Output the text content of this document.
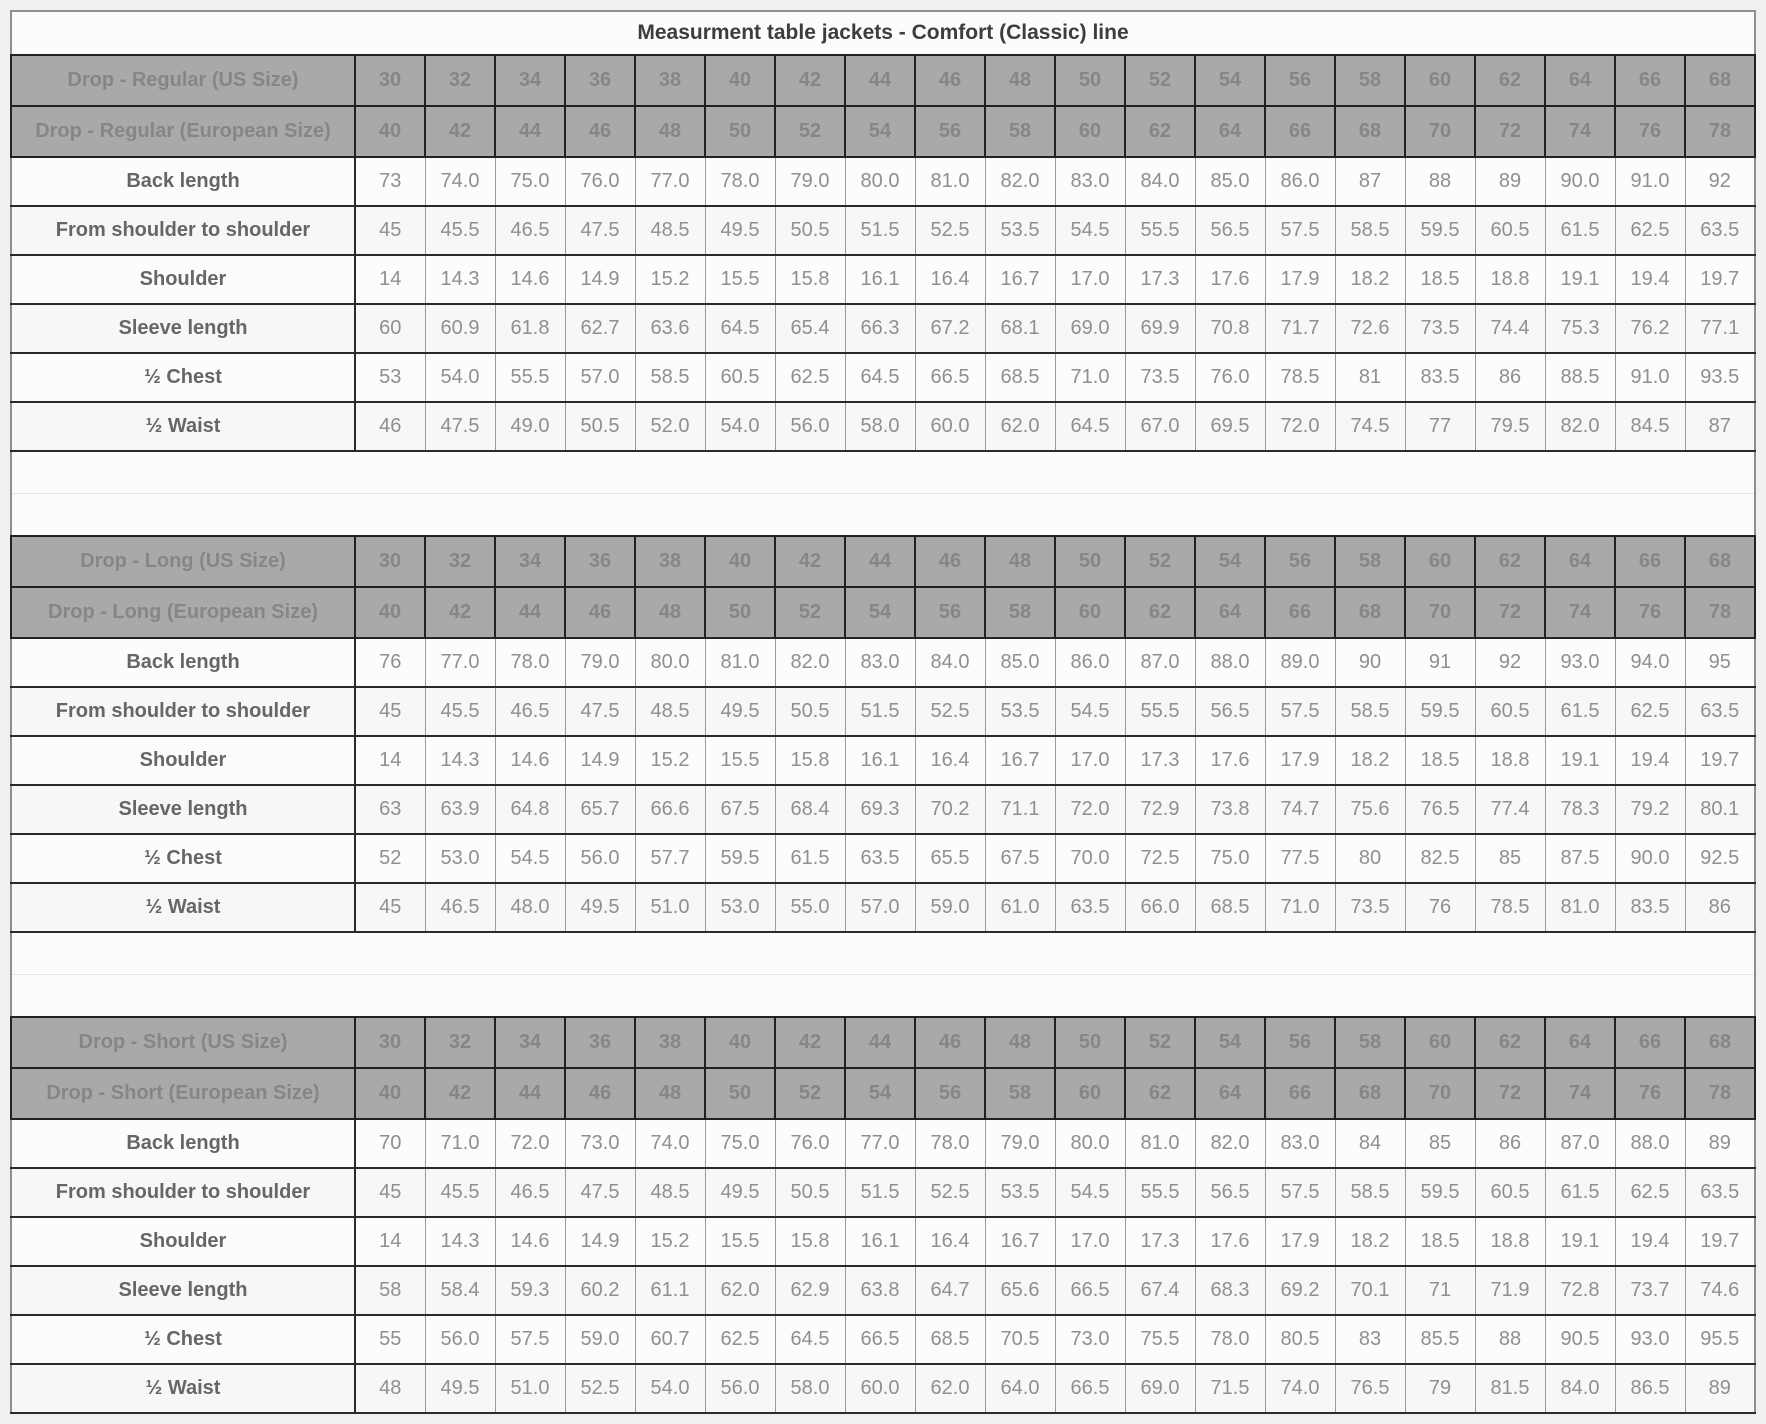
Measurment table jackets - Comfort (Classic) line																				
Drop - Regular (US Size)	30	32	34	36	38	40	42	44	46	48	50	52	54	56	58	60	62	64	66	68
Drop - Regular (European Size)	40	42	44	46	48	50	52	54	56	58	60	62	64	66	68	70	72	74	76	78
Back length	73	74.0	75.0	76.0	77.0	78.0	79.0	80.0	81.0	82.0	83.0	84.0	85.0	86.0	87	88	89	90.0	91.0	92
From shoulder to shoulder	45	45.5	46.5	47.5	48.5	49.5	50.5	51.5	52.5	53.5	54.5	55.5	56.5	57.5	58.5	59.5	60.5	61.5	62.5	63.5
Shoulder	14	14.3	14.6	14.9	15.2	15.5	15.8	16.1	16.4	16.7	17.0	17.3	17.6	17.9	18.2	18.5	18.8	19.1	19.4	19.7
Sleeve length	60	60.9	61.8	62.7	63.6	64.5	65.4	66.3	67.2	68.1	69.0	69.9	70.8	71.7	72.6	73.5	74.4	75.3	76.2	77.1
½ Chest	53	54.0	55.5	57.0	58.5	60.5	62.5	64.5	66.5	68.5	71.0	73.5	76.0	78.5	81	83.5	86	88.5	91.0	93.5
½ Waist	46	47.5	49.0	50.5	52.0	54.0	56.0	58.0	60.0	62.0	64.5	67.0	69.5	72.0	74.5	77	79.5	82.0	84.5	87

Drop - Long (US Size)	30	32	34	36	38	40	42	44	46	48	50	52	54	56	58	60	62	64	66	68
Drop - Long (European Size)	40	42	44	46	48	50	52	54	56	58	60	62	64	66	68	70	72	74	76	78
Back length	76	77.0	78.0	79.0	80.0	81.0	82.0	83.0	84.0	85.0	86.0	87.0	88.0	89.0	90	91	92	93.0	94.0	95
From shoulder to shoulder	45	45.5	46.5	47.5	48.5	49.5	50.5	51.5	52.5	53.5	54.5	55.5	56.5	57.5	58.5	59.5	60.5	61.5	62.5	63.5
Shoulder	14	14.3	14.6	14.9	15.2	15.5	15.8	16.1	16.4	16.7	17.0	17.3	17.6	17.9	18.2	18.5	18.8	19.1	19.4	19.7
Sleeve length	63	63.9	64.8	65.7	66.6	67.5	68.4	69.3	70.2	71.1	72.0	72.9	73.8	74.7	75.6	76.5	77.4	78.3	79.2	80.1
½ Chest	52	53.0	54.5	56.0	57.7	59.5	61.5	63.5	65.5	67.5	70.0	72.5	75.0	77.5	80	82.5	85	87.5	90.0	92.5
½ Waist	45	46.5	48.0	49.5	51.0	53.0	55.0	57.0	59.0	61.0	63.5	66.0	68.5	71.0	73.5	76	78.5	81.0	83.5	86

Drop - Short (US Size)	30	32	34	36	38	40	42	44	46	48	50	52	54	56	58	60	62	64	66	68
Drop - Short (European Size)	40	42	44	46	48	50	52	54	56	58	60	62	64	66	68	70	72	74	76	78
Back length	70	71.0	72.0	73.0	74.0	75.0	76.0	77.0	78.0	79.0	80.0	81.0	82.0	83.0	84	85	86	87.0	88.0	89
From shoulder to shoulder	45	45.5	46.5	47.5	48.5	49.5	50.5	51.5	52.5	53.5	54.5	55.5	56.5	57.5	58.5	59.5	60.5	61.5	62.5	63.5
Shoulder	14	14.3	14.6	14.9	15.2	15.5	15.8	16.1	16.4	16.7	17.0	17.3	17.6	17.9	18.2	18.5	18.8	19.1	19.4	19.7
Sleeve length	58	58.4	59.3	60.2	61.1	62.0	62.9	63.8	64.7	65.6	66.5	67.4	68.3	69.2	70.1	71	71.9	72.8	73.7	74.6
½ Chest	55	56.0	57.5	59.0	60.7	62.5	64.5	66.5	68.5	70.5	73.0	75.5	78.0	80.5	83	85.5	88	90.5	93.0	95.5
½ Waist	48	49.5	51.0	52.5	54.0	56.0	58.0	60.0	62.0	64.0	66.5	69.0	71.5	74.0	76.5	79	81.5	84.0	86.5	89
